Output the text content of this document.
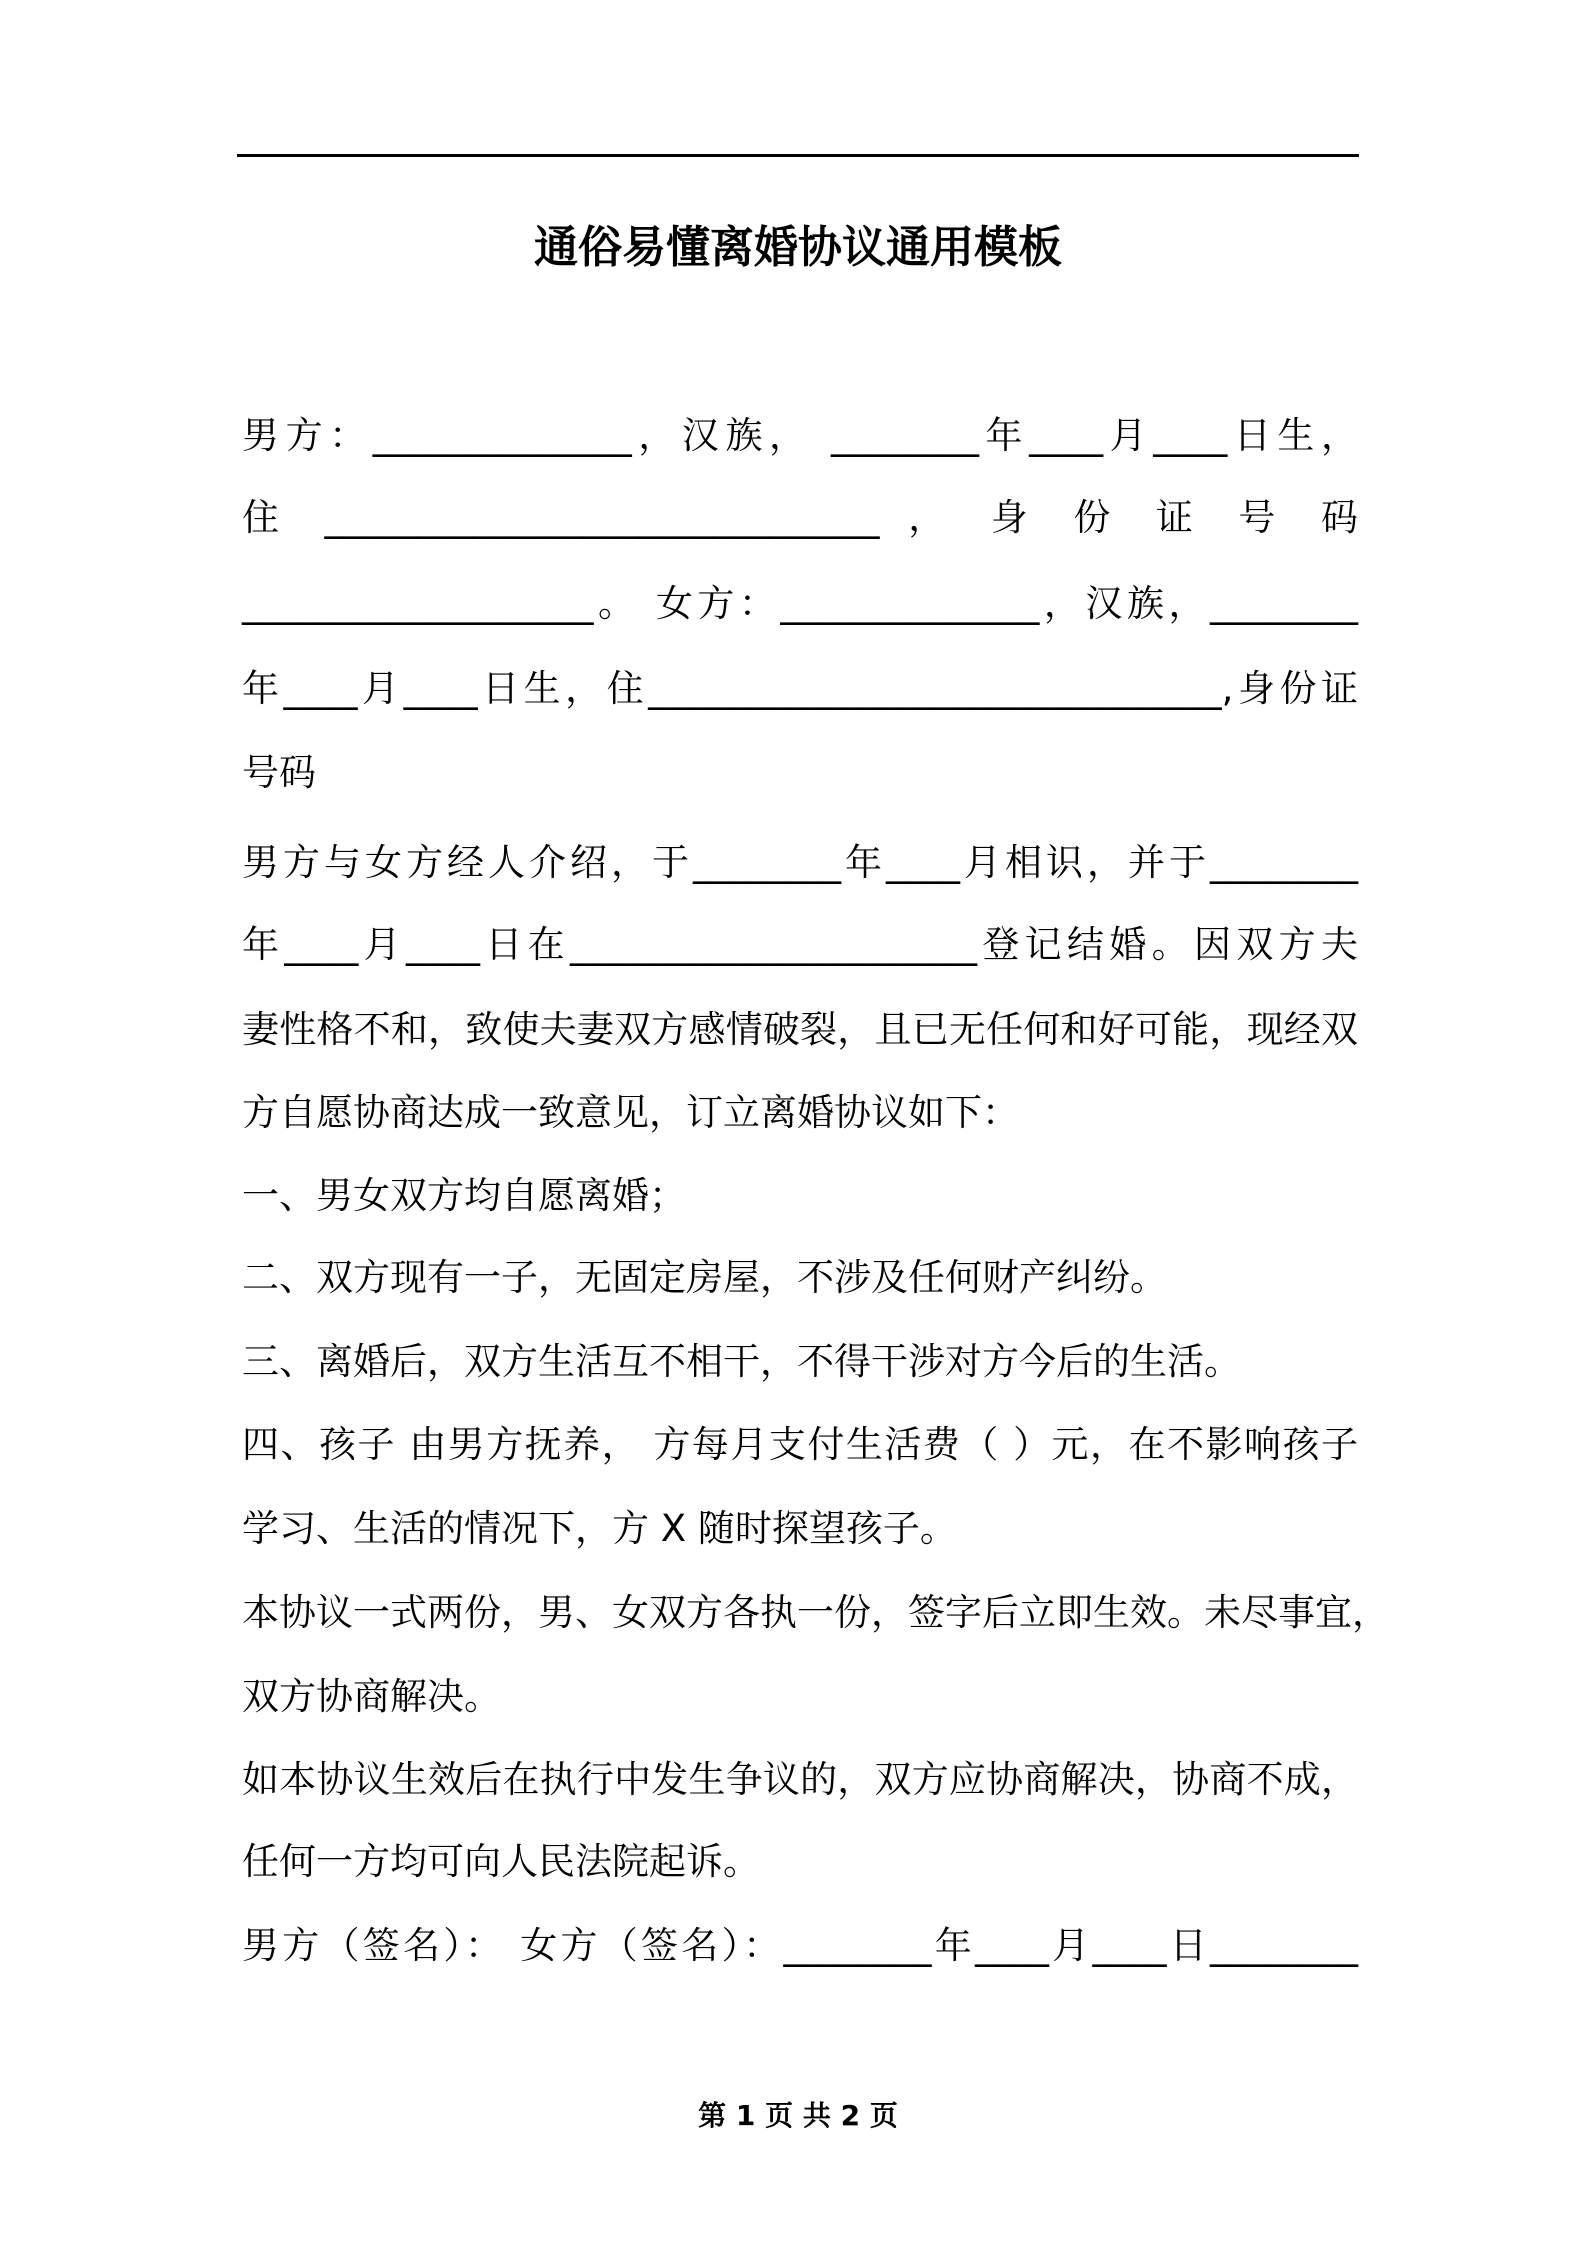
通俗易懂离婚协议通用模板
男方：______________，汉族， ________年____月____日生，
住 ______________________________ ， 身 份 证 号 码
___________________。 女方：______________，汉族，________
年____月____日生，住_______________________________,身份证
号码
男方与女方经人介绍，于________年____月相识，并于________
年____月____日在______________________登记结婚。因双方夫
妻性格不和，致使夫妻双方感情破裂，且已无任何和好可能，现经双
方自愿协商达成一致意见，订立离婚协议如下：
一、男女双方均自愿离婚；
二、双方现有一子，无固定房屋，不涉及任何财产纠纷。
三、离婚后，双方生活互不相干，不得干涉对方今后的生活。
四、孩子 由男方抚养， 方每月支付生活费（ ）元，在不影响孩子
学习、生活的情况下，方 X 随时探望孩子。
本协议一式两份，男、女双方各执一份，签字后立即生效。未尽事宜，
双方协商解决。
如本协议生效后在执行中发生争议的，双方应协商解决，协商不成，
任何一方均可向人民法院起诉。
男方（签名）： 女方（签名）：________年____月____日________
第 1 页 共 2 页
